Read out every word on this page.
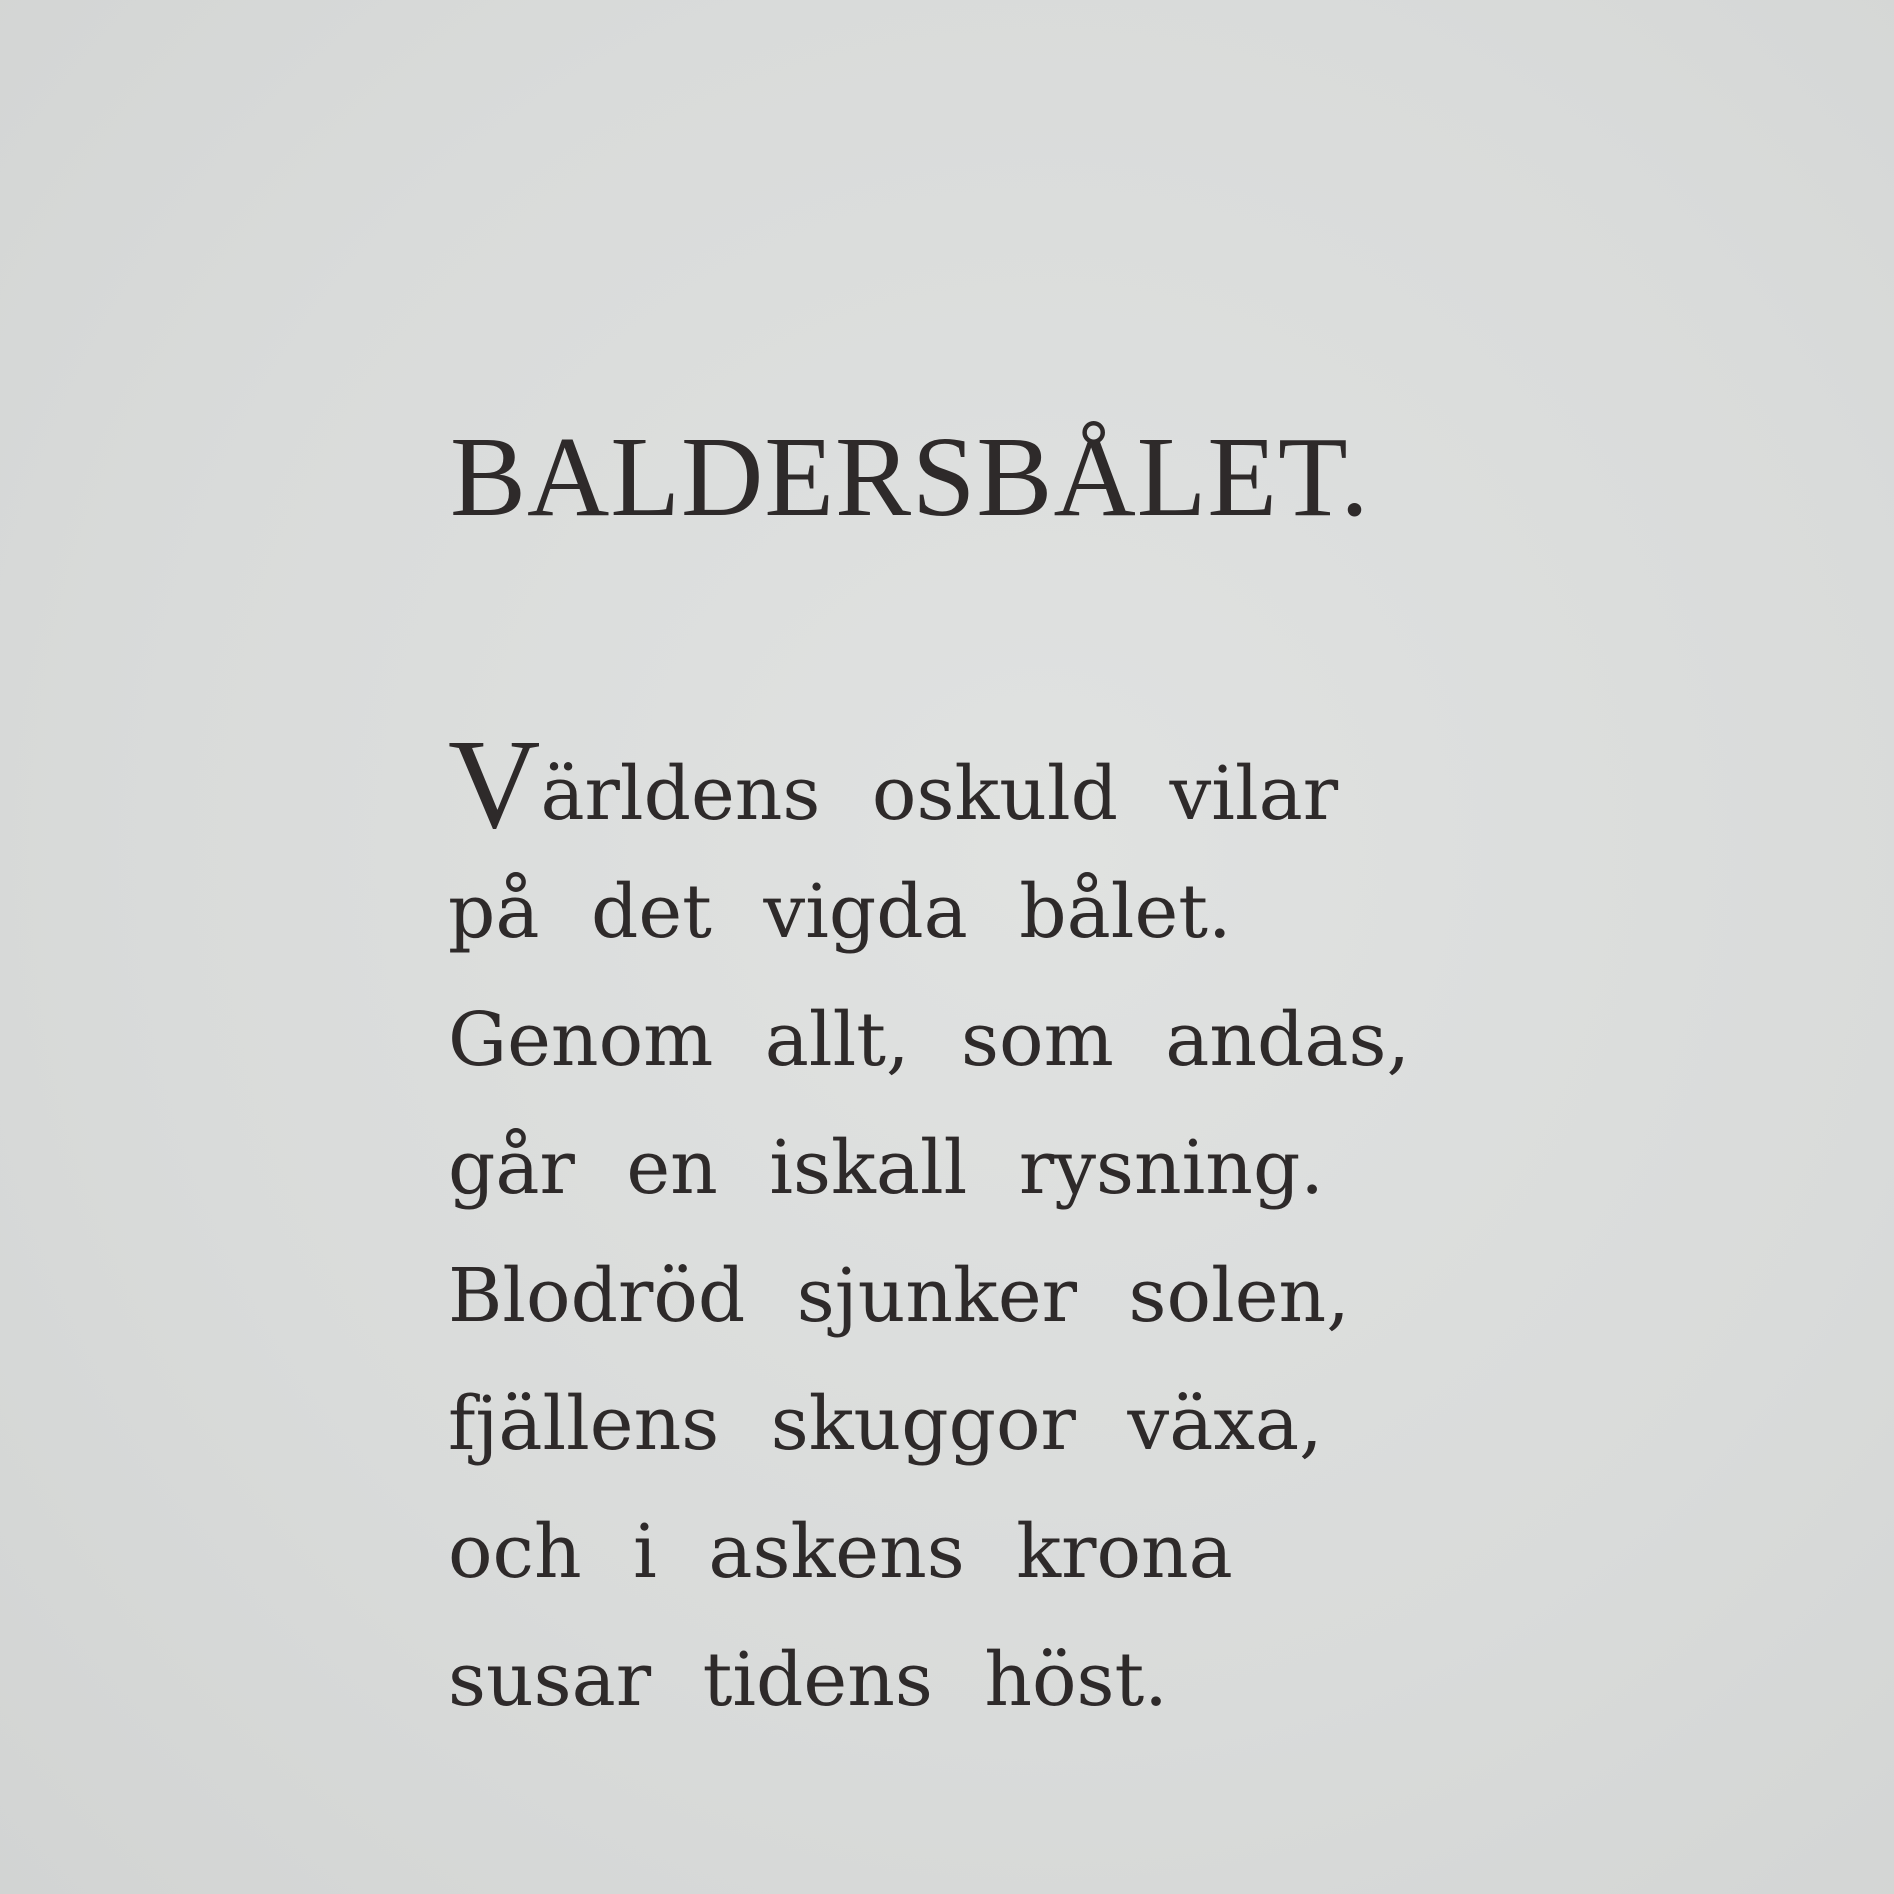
BALDERSBÅLET.
Världens oskuld vilar
på det vigda bålet.
Genom allt, som andas,
går en iskall rysning.
Blodröd sjunker solen,
fjällens skuggor växa,
och i askens krona
susar tidens höst.
